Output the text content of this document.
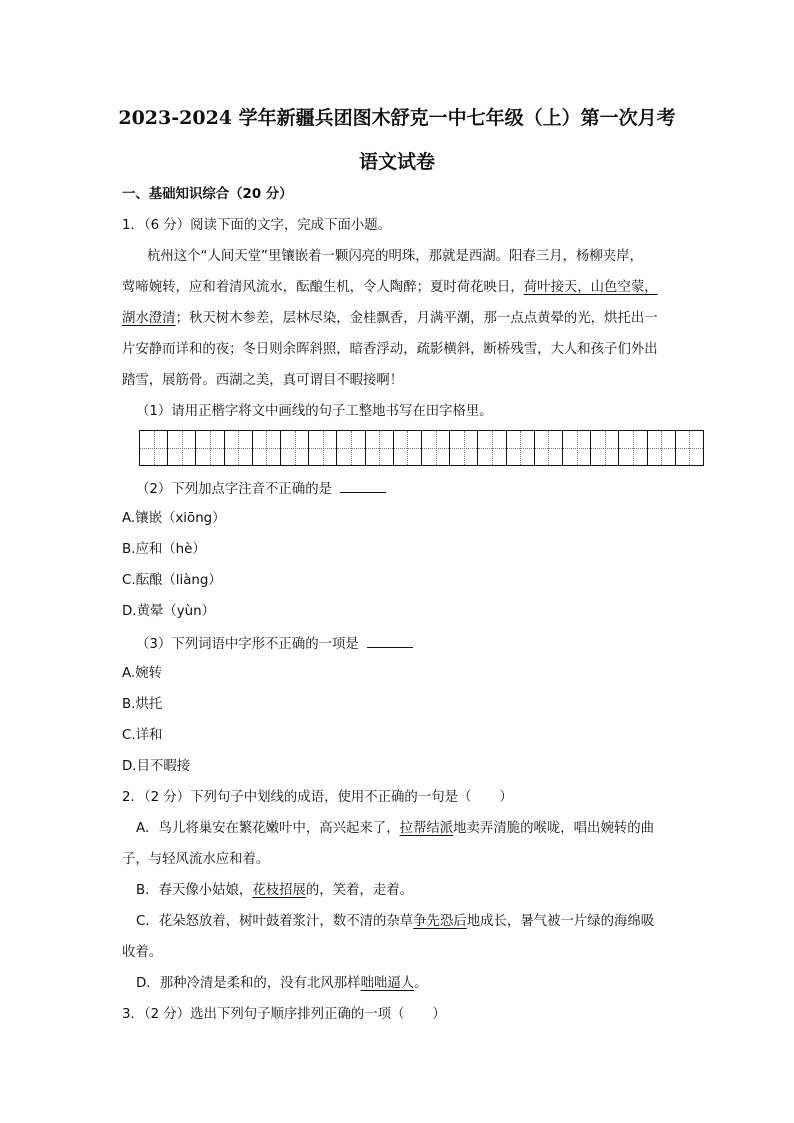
2023-2024 学年新疆兵团图木舒克一中七年级（上）第一次月考
语文试卷
一、基础知识综合（20 分）
1．（6 分）阅读下面的文字，完成下面小题。
杭州这个“人间天堂”里镶嵌着一颗闪亮的明珠，那就是西湖。阳春三月，杨柳夹岸，
莺啼婉转，应和着清风流水，酝酿生机，令人陶醉；夏时荷花映日，荷叶接天，山色空蒙，
湖水澄清；秋天树木参差，层林尽染，金桂飘香，月满平潮，那一点点黄晕的光，烘托出一
片安静而详和的夜；冬日则余晖斜照，暗香浮动，疏影横斜，断桥残雪，大人和孩子们外出
踏雪，展筋骨。西湖之美，真可谓目不暇接啊！
（1）请用正楷字将文中画线的句子工整地书写在田字格里。
（2）下列加点字注音不正确的是
A.镶嵌（xiōng）
B.应和（hè）
C.酝酿（liàng）
D.黄晕（yùn）
（3）下列词语中字形不正确的一项是
A.婉转
B.烘托
C.详和
D.目不暇接
2．（2 分）下列句子中划线的成语，使用不正确的一句是（ ）
A．鸟儿将巢安在繁花嫩叶中，高兴起来了，拉帮结派地卖弄清脆的喉咙，唱出婉转的曲
子，与轻风流水应和着。
B．春天像小姑娘，花枝招展的，笑着，走着。
C．花朵怒放着，树叶鼓着浆汁，数不清的杂草争先恐后地成长，暑气被一片绿的海绵吸
收着。
D．那种冷清是柔和的，没有北风那样咄咄逼人。
3．（2 分）选出下列句子顺序排列正确的一项（ ）
